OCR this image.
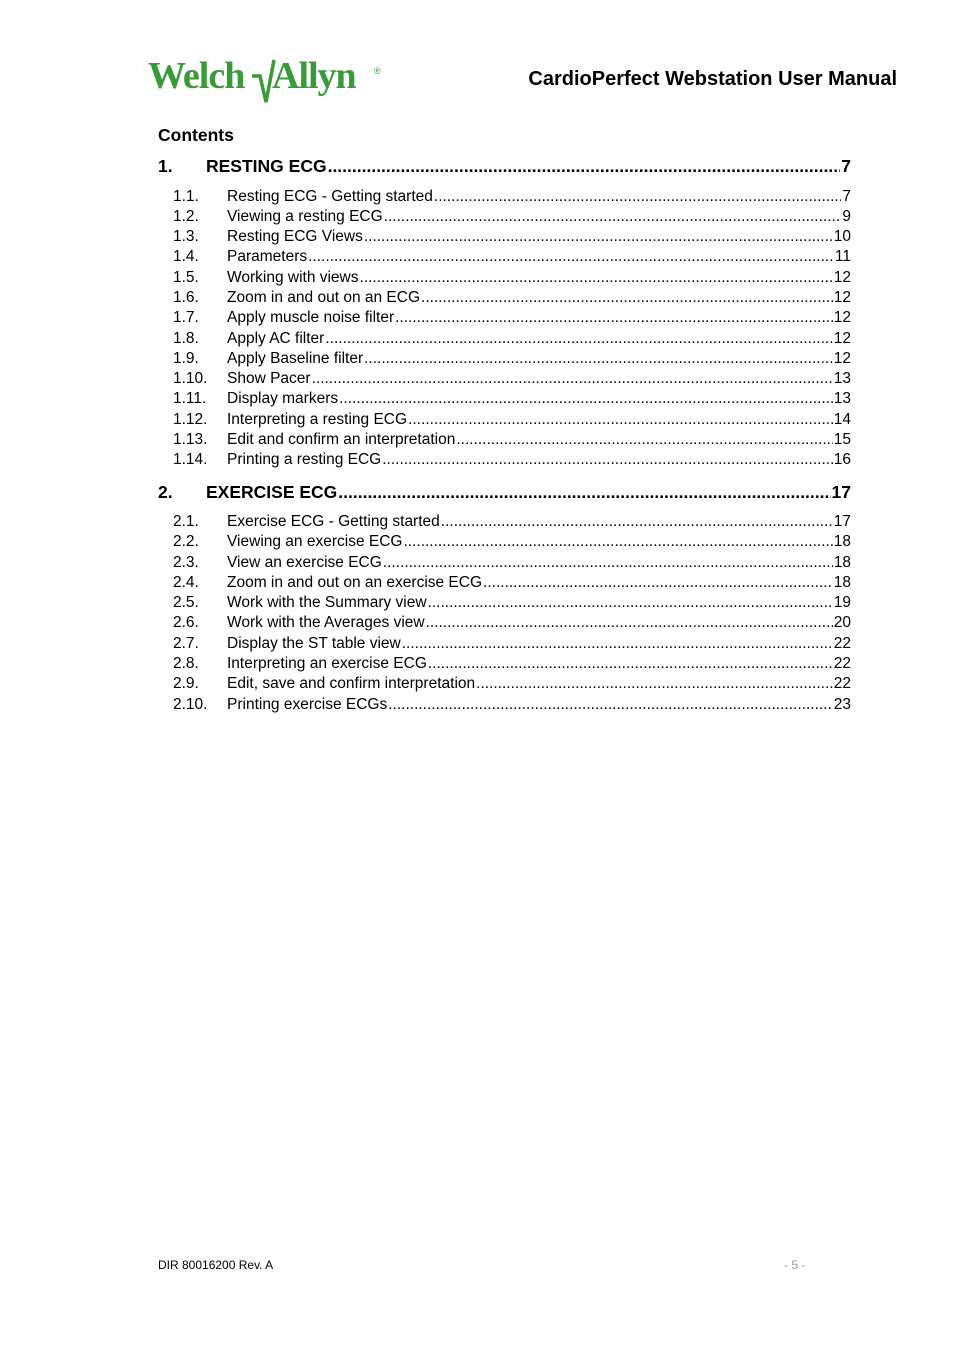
Welch Allyn ®	CardioPerfect Webstation User Manual
Contents
1.	RESTING ECG .....	7
1.1.	Resting ECG - Getting started .....	7
1.2.	Viewing a resting ECG .....	9
1.3.	Resting ECG Views .....	10
1.4.	Parameters .....	11
1.5.	Working with views .....	12
1.6.	Zoom in and out on an ECG .....	12
1.7.	Apply muscle noise filter .....	12
1.8.	Apply AC filter .....	12
1.9.	Apply Baseline filter .....	12
1.10.	Show Pacer .....	13
1.11.	Display markers .....	13
1.12.	Interpreting a resting ECG .....	14
1.13.	Edit and confirm an interpretation .....	15
1.14.	Printing a resting ECG .....	16
2.	EXERCISE ECG .....	17
2.1.	Exercise ECG - Getting started .....	17
2.2.	Viewing an exercise ECG .....	18
2.3.	View an exercise ECG .....	18
2.4.	Zoom in and out on an exercise ECG .....	18
2.5.	Work with the Summary view .....	19
2.6.	Work with the Averages view .....	20
2.7.	Display the ST table view .....	22
2.8.	Interpreting an exercise ECG .....	22
2.9.	Edit, save and confirm interpretation .....	22
2.10.	Printing exercise ECGs .....	23
DIR 80016200 Rev. A	- 5 -
